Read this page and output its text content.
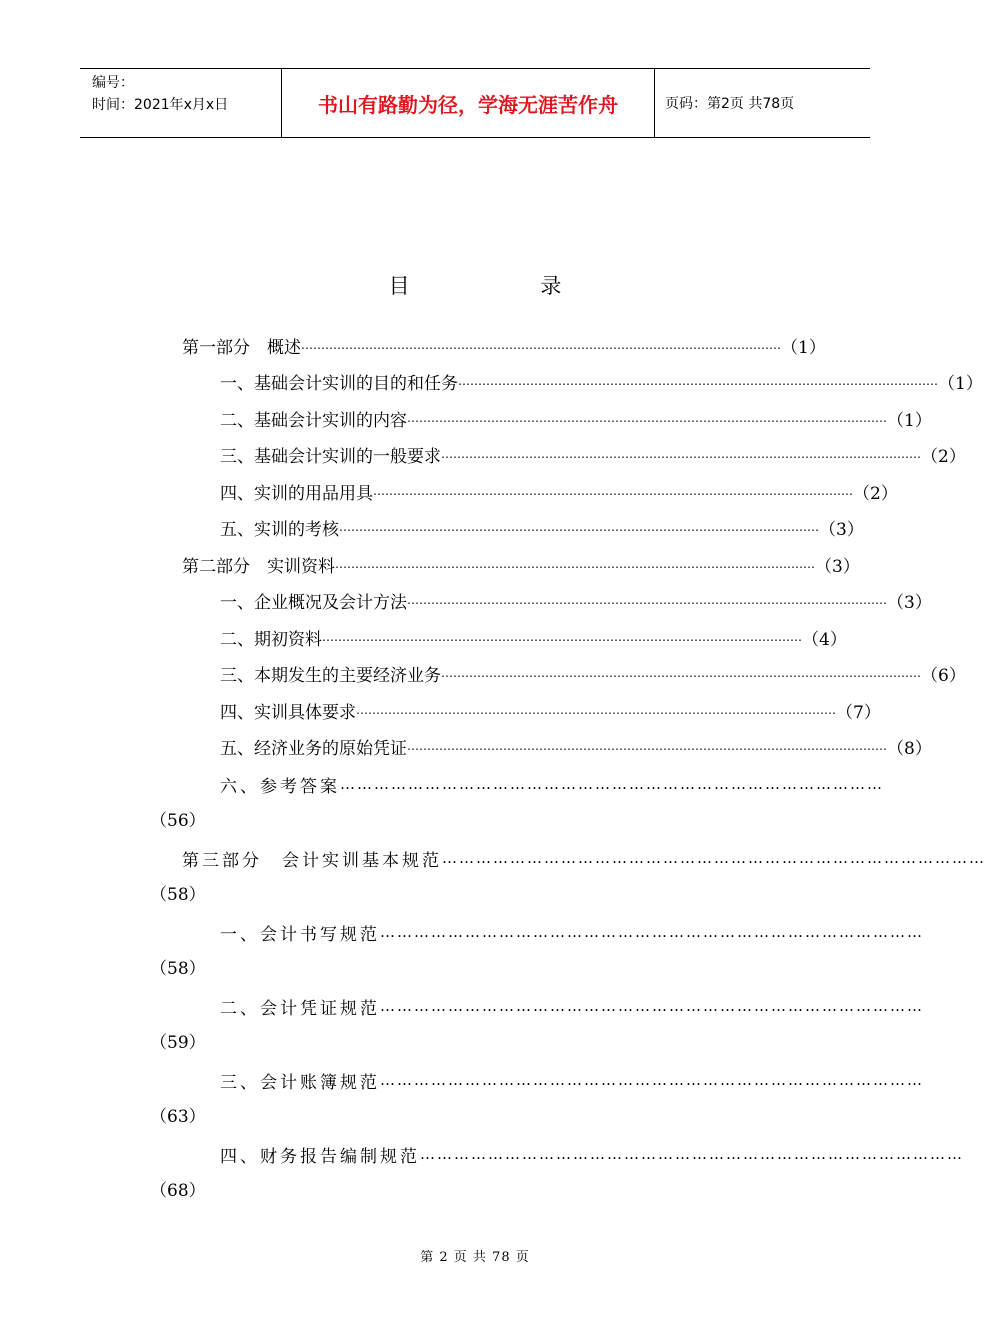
编号：
时间：2021年x月x日	书山有路勤为径，学海无涯苦作舟	页码：第2页 共78页
目 录
第一部分　概述 ………………………………………………………………………………………………………… （1）
一、基础会计实训的目的和任务 ………………………………………………………………………………………………………… （1）
二、基础会计实训的内容 ………………………………………………………………………………………………………… （1）
三、基础会计实训的一般要求 ………………………………………………………………………………………………………… （2）
四、实训的用品用具 ………………………………………………………………………………………………………… （2）
五、实训的考核 ………………………………………………………………………………………………………… （3）
第二部分　实训资料 ………………………………………………………………………………………………………… （3）
一、企业概况及会计方法 ………………………………………………………………………………………………………… （3）
二、期初资料 ………………………………………………………………………………………………………… （4）
三、本期发生的主要经济业务 ………………………………………………………………………………………………………… （6）
四、实训具体要求 ………………………………………………………………………………………………………… （7）
五、经济业务的原始凭证 ………………………………………………………………………………………………………… （8）
六、参考答案 ……………………………………………………………………………………
（56）
第三部分　会计实训基本规范 ……………………………………………………………………………………
（58）
一、会计书写规范 ……………………………………………………………………………………
（58）
二、会计凭证规范 ……………………………………………………………………………………
（59）
三、会计账簿规范 ……………………………………………………………………………………
（63）
四、财务报告编制规范 ……………………………………………………………………………………
（68）
第 2 页 共 78 页
